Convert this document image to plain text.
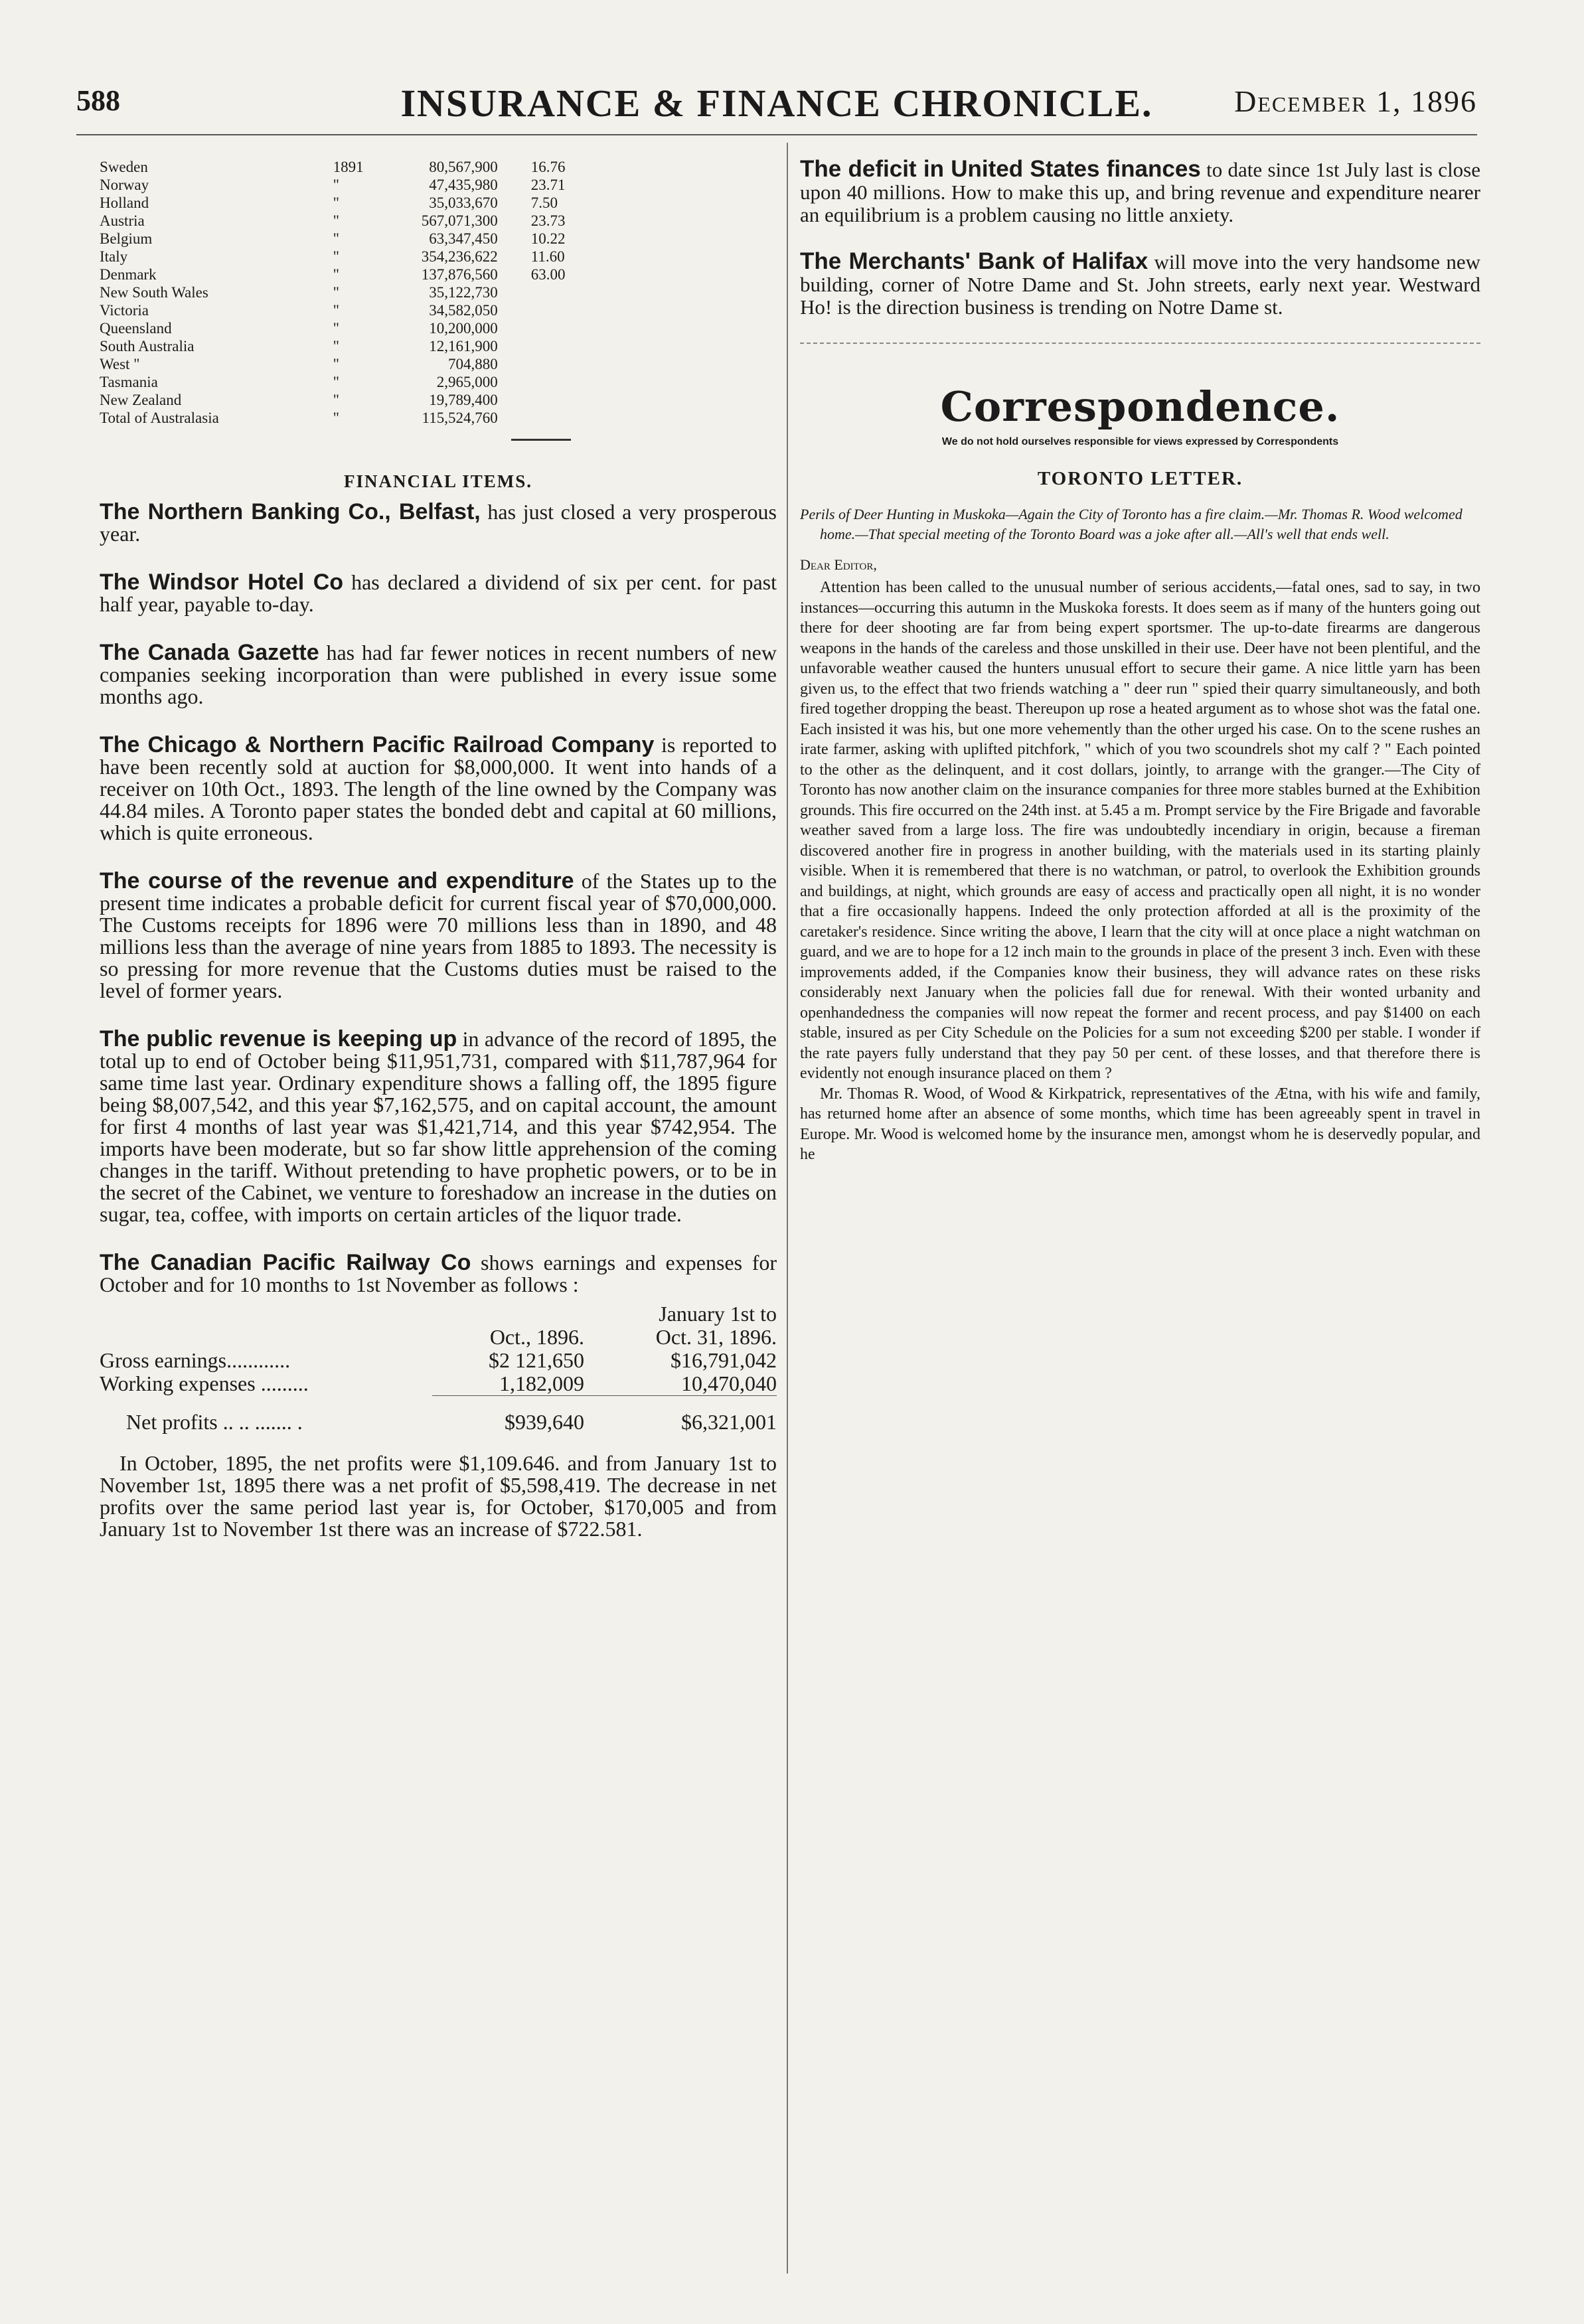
588	INSURANCE & FINANCE CHRONICLE.	December 1, 1896
Sweden	1891	80,567,900	16.76
Norway	"	47,435,980	23.71
Holland	"	35,033,670	7.50
Austria	"	567,071,300	23.73
Belgium	"	63,347,450	10.22
Italy	"	354,236,622	11.60
Denmark	"	137,876,560	63.00
New South Wales	"	35,122,730	
Victoria	"	34,582,050	
Queensland	"	10,200,000	
South Australia	"	12,161,900	
West "	"	704,880	
Tasmania	"	2,965,000	
New Zealand	"	19,789,400	
Total of Australasia	"	115,524,760	
FINANCIAL ITEMS.

The Northern Banking Co., Belfast, has just closed a very prosperous year.

The Windsor Hotel Co has declared a dividend of six per cent. for past half year, payable to-day.

The Canada Gazette has had far fewer notices in recent numbers of new companies seeking incorporation than were published in every issue some months ago.

The Chicago & Northern Pacific Railroad Company is reported to have been recently sold at auction for $8,000,000. It went into hands of a receiver on 10th Oct., 1893. The length of the line owned by the Company was 44.84 miles. A Toronto paper states the bonded debt and capital at 60 millions, which is quite erroneous.

The course of the revenue and expenditure of the States up to the present time indicates a probable deficit for current fiscal year of $70,000,000. The Customs receipts for 1896 were 70 millions less than in 1890, and 48 millions less than the average of nine years from 1885 to 1893. The necessity is so pressing for more revenue that the Customs duties must be raised to the level of former years.

The public revenue is keeping up in advance of the record of 1895, the total up to end of October being $11,951,731, compared with $11,787,964 for same time last year. Ordinary expenditure shows a falling off, the 1895 figure being $8,007,542, and this year $7,162,575, and on capital account, the amount for first 4 months of last year was $1,421,714, and this year $742,954. The imports have been moderate, but so far show little apprehension of the coming changes in the tariff. Without pretending to have prophetic powers, or to be in the secret of the Cabinet, we venture to foreshadow an increase in the duties on sugar, tea, coffee, with imports on certain articles of the liquor trade.

The Canadian Pacific Railway Co shows earnings and expenses for October and for 10 months to 1st November as follows :

		January 1st to
	Oct., 1896.	Oct. 31, 1896.
Gross earnings............	$2 121,650	$16,791,042
Working expenses .........	1,182,009	10,470,040

Net profits .. .. ....... .	$939,640	$6,321,001

In October, 1895, the net profits were $1,109.646. and from January 1st to November 1st, 1895 there was a net profit of $5,598,419. The decrease in net profits over the same period last year is, for October, $170,005 and from January 1st to November 1st there was an increase of $722.581.

The deficit in United States finances to date since 1st July last is close upon 40 millions. How to make this up, and bring revenue and expenditure nearer an equilibrium is a problem causing no little anxiety.

The Merchants' Bank of Halifax will move into the very handsome new building, corner of Notre Dame and St. John streets, early next year. Westward Ho! is the direction business is trending on Notre Dame st.

Correspondence.
We do not hold ourselves responsible for views expressed by Correspondents
TORONTO LETTER.

Perils of Deer Hunting in Muskoka—Again the City of Toronto has a fire claim.—Mr. Thomas R. Wood welcomed home.—That special meeting of the Toronto Board was a joke after all.—All's well that ends well.

Dear Editor,

Attention has been called to the unusual number of serious accidents,—fatal ones, sad to say, in two instances—occurring this autumn in the Muskoka forests. It does seem as if many of the hunters going out there for deer shooting are far from being expert sportsmer. The up-to-date firearms are dangerous weapons in the hands of the careless and those unskilled in their use. Deer have not been plentiful, and the unfavorable weather caused the hunters unusual effort to secure their game. A nice little yarn has been given us, to the effect that two friends watching a " deer run " spied their quarry simultaneously, and both fired together dropping the beast. Thereupon up rose a heated argument as to whose shot was the fatal one. Each insisted it was his, but one more vehemently than the other urged his case. On to the scene rushes an irate farmer, asking with uplifted pitchfork, " which of you two scoundrels shot my calf ? " Each pointed to the other as the delinquent, and it cost dollars, jointly, to arrange with the granger.—The City of Toronto has now another claim on the insurance companies for three more stables burned at the Exhibition grounds. This fire occurred on the 24th inst. at 5.45 a m. Prompt service by the Fire Brigade and favorable weather saved from a large loss. The fire was undoubtedly incendiary in origin, because a fireman discovered another fire in progress in another building, with the materials used in its starting plainly visible. When it is remembered that there is no watchman, or patrol, to overlook the Exhibition grounds and buildings, at night, which grounds are easy of access and practically open all night, it is no wonder that a fire occasionally happens. Indeed the only protection afforded at all is the proximity of the caretaker's residence. Since writing the above, I learn that the city will at once place a night watchman on guard, and we are to hope for a 12 inch main to the grounds in place of the present 3 inch. Even with these improvements added, if the Companies know their business, they will advance rates on these risks considerably next January when the policies fall due for renewal. With their wonted urbanity and openhandedness the companies will now repeat the former and recent process, and pay $1400 on each stable, insured as per City Schedule on the Policies for a sum not exceeding $200 per stable. I wonder if the rate payers fully understand that they pay 50 per cent. of these losses, and that therefore there is evidently not enough insurance placed on them ?

Mr. Thomas R. Wood, of Wood & Kirkpatrick, representatives of the Ætna, with his wife and family, has returned home after an absence of some months, which time has been agreeably spent in travel in Europe. Mr. Wood is welcomed home by the insurance men, amongst whom he is deservedly popular, and he
